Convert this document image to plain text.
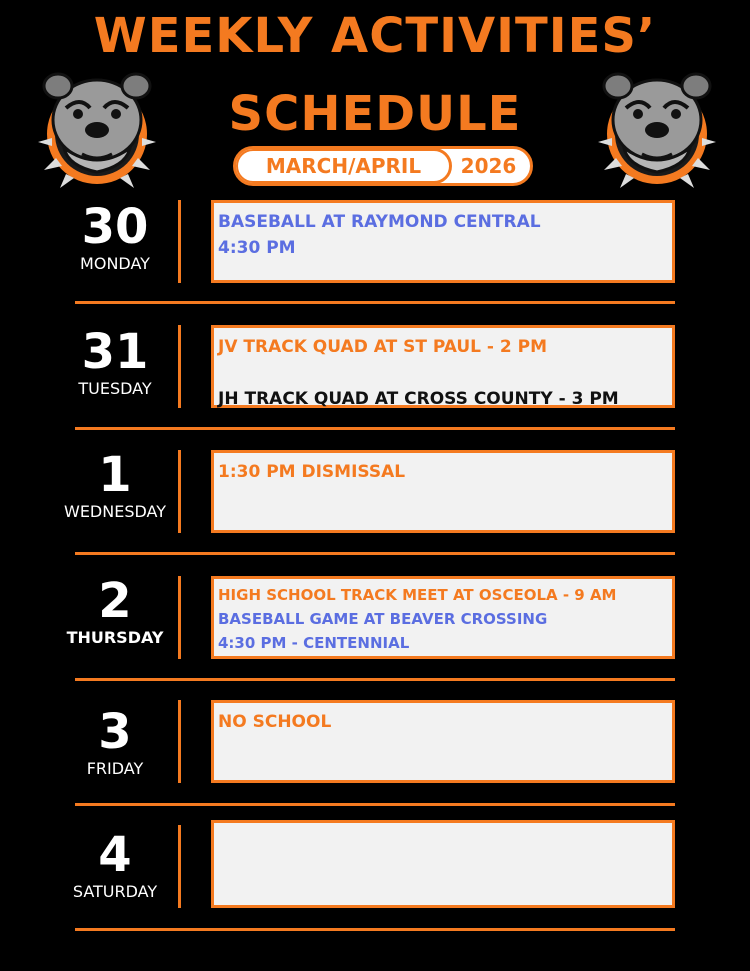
WEEKLY ACTIVITIES’
SCHEDULE
MARCH/APRIL	2026
30
MONDAY
BASEBALL AT RAYMOND CENTRAL
4:30 PM
31
TUESDAY
JV TRACK QUAD AT ST PAUL - 2 PM

JH TRACK QUAD AT CROSS COUNTY - 3 PM
1
WEDNESDAY
1:30 PM DISMISSAL
2
THURSDAY
HIGH SCHOOL TRACK MEET AT OSCEOLA - 9 AM
BASEBALL GAME AT BEAVER CROSSING
4:30 PM - CENTENNIAL
3
FRIDAY
NO SCHOOL
4
SATURDAY
